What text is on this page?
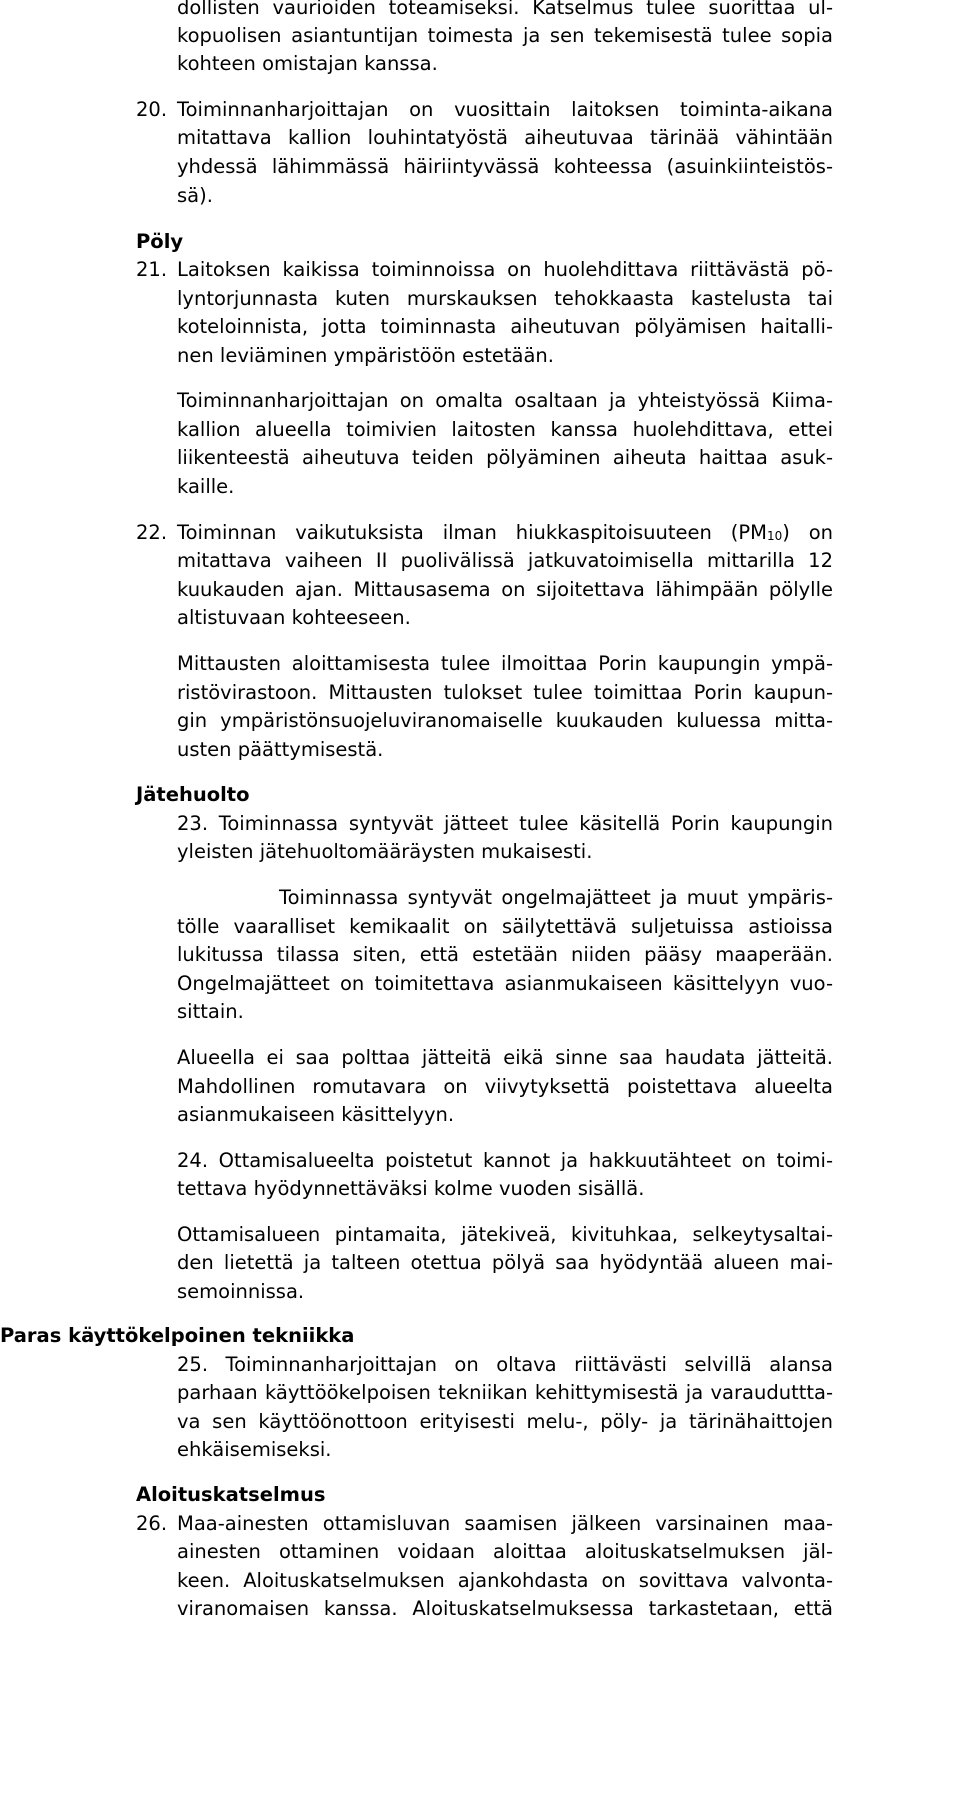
dollisten vaurioiden toteamiseksi. Katselmus tulee suorittaa ul-
kopuolisen asiantuntijan toimesta ja sen tekemisestä tulee sopia
kohteen omistajan kanssa.
20. Toiminnanharjoittajan on vuosittain laitoksen toiminta-aikana
mitattava kallion louhintatyöstä aiheutuvaa tärinää vähintään
yhdessä lähimmässä häiriintyvässä kohteessa (asuinkiinteistös-
sä).
Pöly
21. Laitoksen kaikissa toiminnoissa on huolehdittava riittävästä pö-
lyntorjunnasta kuten murskauksen tehokkaasta kastelusta tai
koteloinnista, jotta toiminnasta aiheutuvan pölyämisen haitalli-
nen leviäminen ympäristöön estetään.
Toiminnanharjoittajan on omalta osaltaan ja yhteistyössä Kiima-
kallion alueella toimivien laitosten kanssa huolehdittava, ettei
liikenteestä aiheutuva teiden pölyäminen aiheuta haittaa asuk-
kaille.
22. Toiminnan vaikutuksista ilman hiukkaspitoisuuteen (PM10) on
mitattava vaiheen II puolivälissä jatkuvatoimisella mittarilla 12
kuukauden ajan. Mittausasema on sijoitettava lähimpään pölylle
altistuvaan kohteeseen.
Mittausten aloittamisesta tulee ilmoittaa Porin kaupungin ympä-
ristövirastoon. Mittausten tulokset tulee toimittaa Porin kaupun-
gin ympäristönsuojeluviranomaiselle kuukauden kuluessa mitta-
usten päättymisestä.
Jätehuolto
23. Toiminnassa syntyvät jätteet tulee käsitellä Porin kaupungin
yleisten jätehuoltomääräysten mukaisesti.
Toiminnassa syntyvät ongelmajätteet ja muut ympäris-
tölle vaaralliset kemikaalit on säilytettävä suljetuissa astioissa
lukitussa tilassa siten, että estetään niiden pääsy maaperään.
Ongelmajätteet on toimitettava asianmukaiseen käsittelyyn vuo-
sittain.
Alueella ei saa polttaa jätteitä eikä sinne saa haudata jätteitä.
Mahdollinen romutavara on viivytyksettä poistettava alueelta
asianmukaiseen käsittelyyn.
24. Ottamisalueelta poistetut kannot ja hakkuutähteet on toimi-
tettava hyödynnettäväksi kolme vuoden sisällä.
Ottamisalueen pintamaita, jätekiveä, kivituhkaa, selkeytysaltai-
den lietettä ja talteen otettua pölyä saa hyödyntää alueen mai-
semoinnissa.
Paras käyttökelpoinen tekniikka
25. Toiminnanharjoittajan on oltava riittävästi selvillä alansa
parhaan käyttöökelpoisen tekniikan kehittymisestä ja varauduttta-
va sen käyttöönottoon erityisesti melu-, pöly- ja tärinähaittojen
ehkäisemiseksi.
Aloituskatselmus
26. Maa-ainesten ottamisluvan saamisen jälkeen varsinainen maa-
ainesten ottaminen voidaan aloittaa aloituskatselmuksen jäl-
keen. Aloituskatselmuksen ajankohdasta on sovittava valvonta-
viranomaisen kanssa. Aloituskatselmuksessa tarkastetaan, että
